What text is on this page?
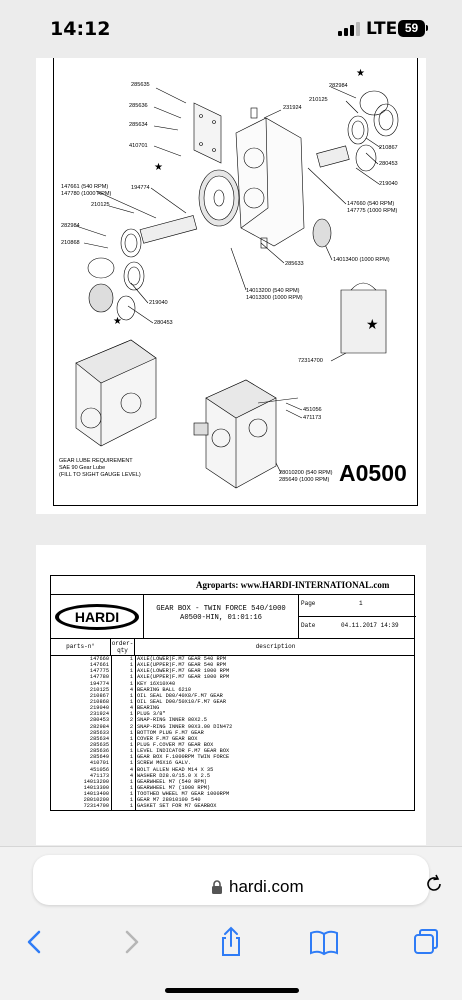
14:12	LTE 59
285635
285636
285634
410701
231924
282984
210125
210867
280453
219040
147661 (540 RPM)
147780 (1000 RPM)
194774
210125
282984
210868
147660 (540 RPM)
147775 (1000 RPM)
14013400 (1000 RPM)
285633
14013200 (540 RPM)
14013300 (1000 RPM)
219040
280453
72314700
451056
471173
28010200 (540 RPM)
285649 (1000 RPM)
★
★
★	★
GEAR LUBE REQUIREMENT
SAE 90 Gear Lube
(FILL TO SIGHT GAUGE LEVEL)	A0500
Agroparts: www.HARDI-INTERNATIONAL.com
HARDI	GEAR BOX - TWIN FORCE 540/1000
A0500-HIN, 01:01:16
Page	1
Date	04.11.2017 14:39
parts-n°	order-
qty
description
147660	1 AXLE(LOWER)F.M7 GEAR 540 RPM
147661	1 AXLE(UPPER)F.M7 GEAR 540 RPM
147775	1 AXLE(LOWER)F.M7 GEAR 1000 RPM
147780	1 AXLE(UPPER)F.M7 GEAR 1000 RPM
194774	1 KEY 16X10X40
210125	4 BEARING BALL 6210
210867	1 OIL SEAL D80/40X8/F.M7 GEAR
210868	1 OIL SEAL D90/50X10/F.M7 GEAR
219040	4 BEARING
231924	1 PLUG 3/8"
280453	2 SNAP-RING INNER 80X2.5
282984	2 SNAP-RING INNER 90X3.00 DIN472
285633	1 BOTTOM PLUG F.M7 GEAR
285634	1 COVER F.M7 GEAR BOX
285635	1 PLUG F.COVER M7 GEAR BOX
285636	1 LEVEL INDICATOR F.M7 GEAR BOX
285649	1 GEAR BOX F.1000RPM TWIN FORCE
410701	1 SCREW M6X16 GALV.
451056	4 BOLT ALLEN HEAD M14 X 35
471173	4 WASHER D28.0/15.0 X 2.5
14013200	1 GEARWHEEL M7 (540 RPM)
14013300	1 GEARWHEEL M7 (1000 RPM)
14013400	1 TOOTHED WHEEL M7 GEAR 1000RPM
28010200	1 GEAR M7 28010100 540
72314700	1 GASKET SET FOR M7 GEARBOX
hardi.com
